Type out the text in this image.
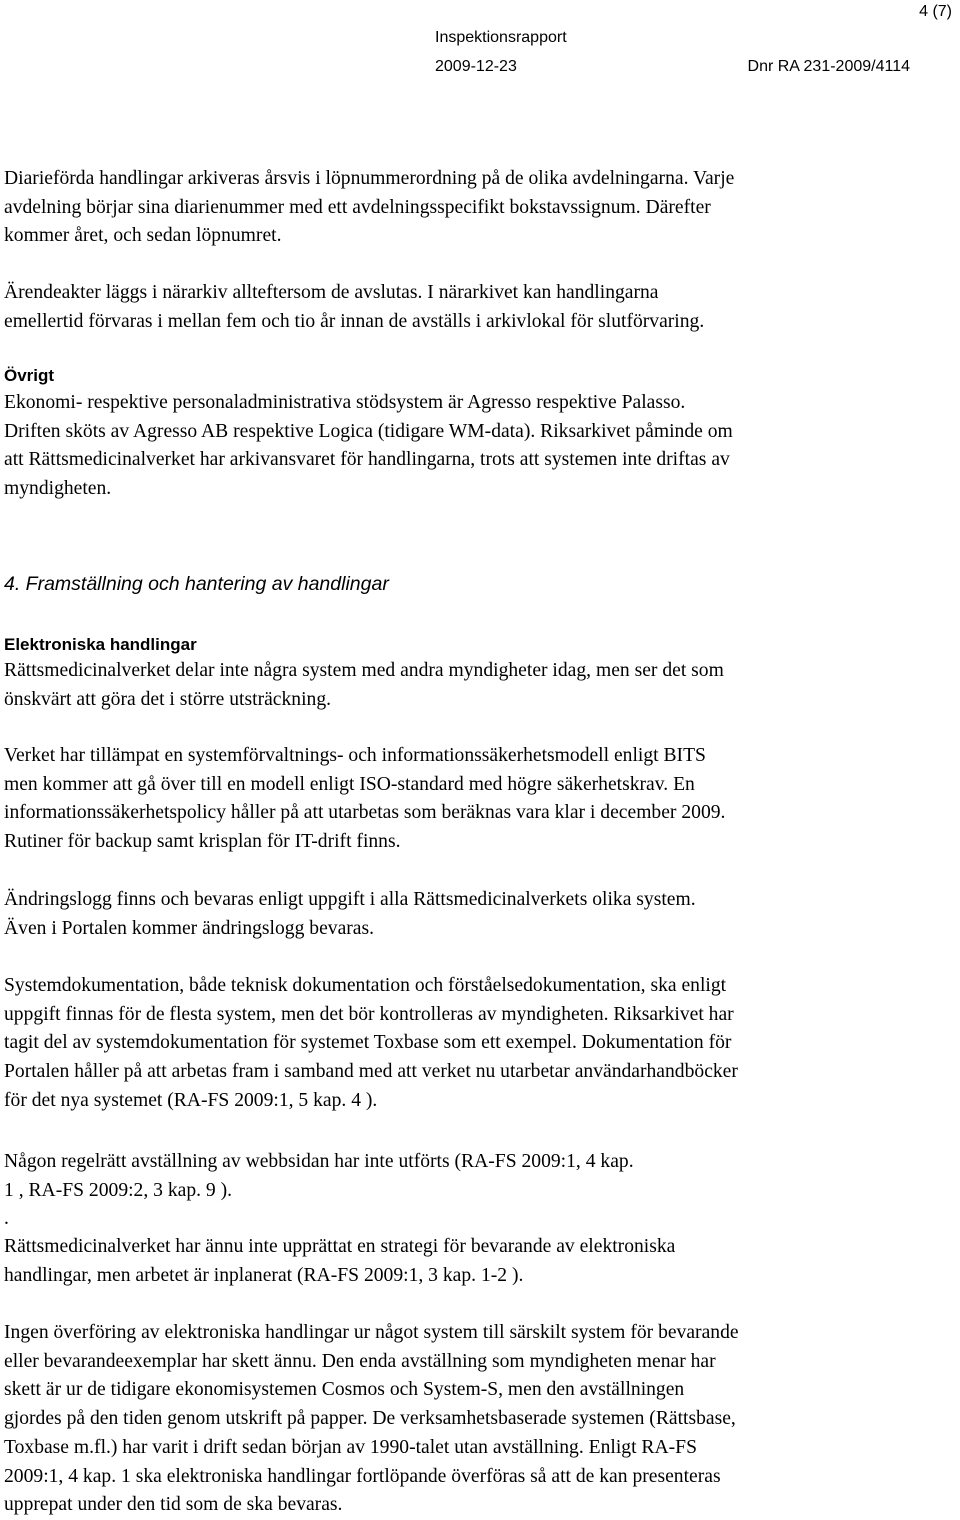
4 (7)
Inspektionsrapport
2009-12-23	Dnr RA 231-2009/4114
Diarieförda handlingar arkiveras årsvis i löpnummerordning på de olika avdelningarna. Varje
avdelning börjar sina diarienummer med ett avdelningsspecifikt bokstavssignum. Därefter
kommer året, och sedan löpnumret.
Ärendeakter läggs i närarkiv allteftersom de avslutas. I närarkivet kan handlingarna
emellertid förvaras i mellan fem och tio år innan de avställs i arkivlokal för slutförvaring.
Övrigt
Ekonomi- respektive personaladministrativa stödsystem är Agresso respektive Palasso.
Driften sköts av Agresso AB respektive Logica (tidigare WM-data). Riksarkivet påminde om
att Rättsmedicinalverket har arkivansvaret för handlingarna, trots att systemen inte driftas av
myndigheten.
4. Framställning och hantering av handlingar
Elektroniska handlingar
Rättsmedicinalverket delar inte några system med andra myndigheter idag, men ser det som
önskvärt att göra det i större utsträckning.
Verket har tillämpat en systemförvaltnings- och informationssäkerhetsmodell enligt BITS
men kommer att gå över till en modell enligt ISO-standard med högre säkerhetskrav. En
informationssäkerhetspolicy håller på att utarbetas som beräknas vara klar i december 2009.
Rutiner för backup samt krisplan för IT-drift finns.
Ändringslogg finns och bevaras enligt uppgift i alla Rättsmedicinalverkets olika system.
Även i Portalen kommer ändringslogg bevaras.
Systemdokumentation, både teknisk dokumentation och förståelsedokumentation, ska enligt
uppgift finnas för de flesta system, men det bör kontrolleras av myndigheten. Riksarkivet har
tagit del av systemdokumentation för systemet Toxbase som ett exempel. Dokumentation för
Portalen håller på att arbetas fram i samband med att verket nu utarbetar användarhandböcker
för det nya systemet (RA-FS 2009:1, 5 kap. 4 ).
Någon regelrätt avställning av webbsidan har inte utförts (RA-FS 2009:1, 4 kap.
1 , RA-FS 2009:2, 3 kap. 9 ).
.
Rättsmedicinalverket har ännu inte upprättat en strategi för bevarande av elektroniska
handlingar, men arbetet är inplanerat (RA-FS 2009:1, 3 kap. 1-2 ).
Ingen överföring av elektroniska handlingar ur något system till särskilt system för bevarande
eller bevarandeexemplar har skett ännu. Den enda avställning som myndigheten menar har
skett är ur de tidigare ekonomisystemen Cosmos och System-S, men den avställningen
gjordes på den tiden genom utskrift på papper. De verksamhetsbaserade systemen (Rättsbase,
Toxbase m.fl.) har varit i drift sedan början av 1990-talet utan avställning. Enligt RA-FS
2009:1, 4 kap. 1 ska elektroniska handlingar fortlöpande överföras så att de kan presenteras
upprepat under den tid som de ska bevaras.
